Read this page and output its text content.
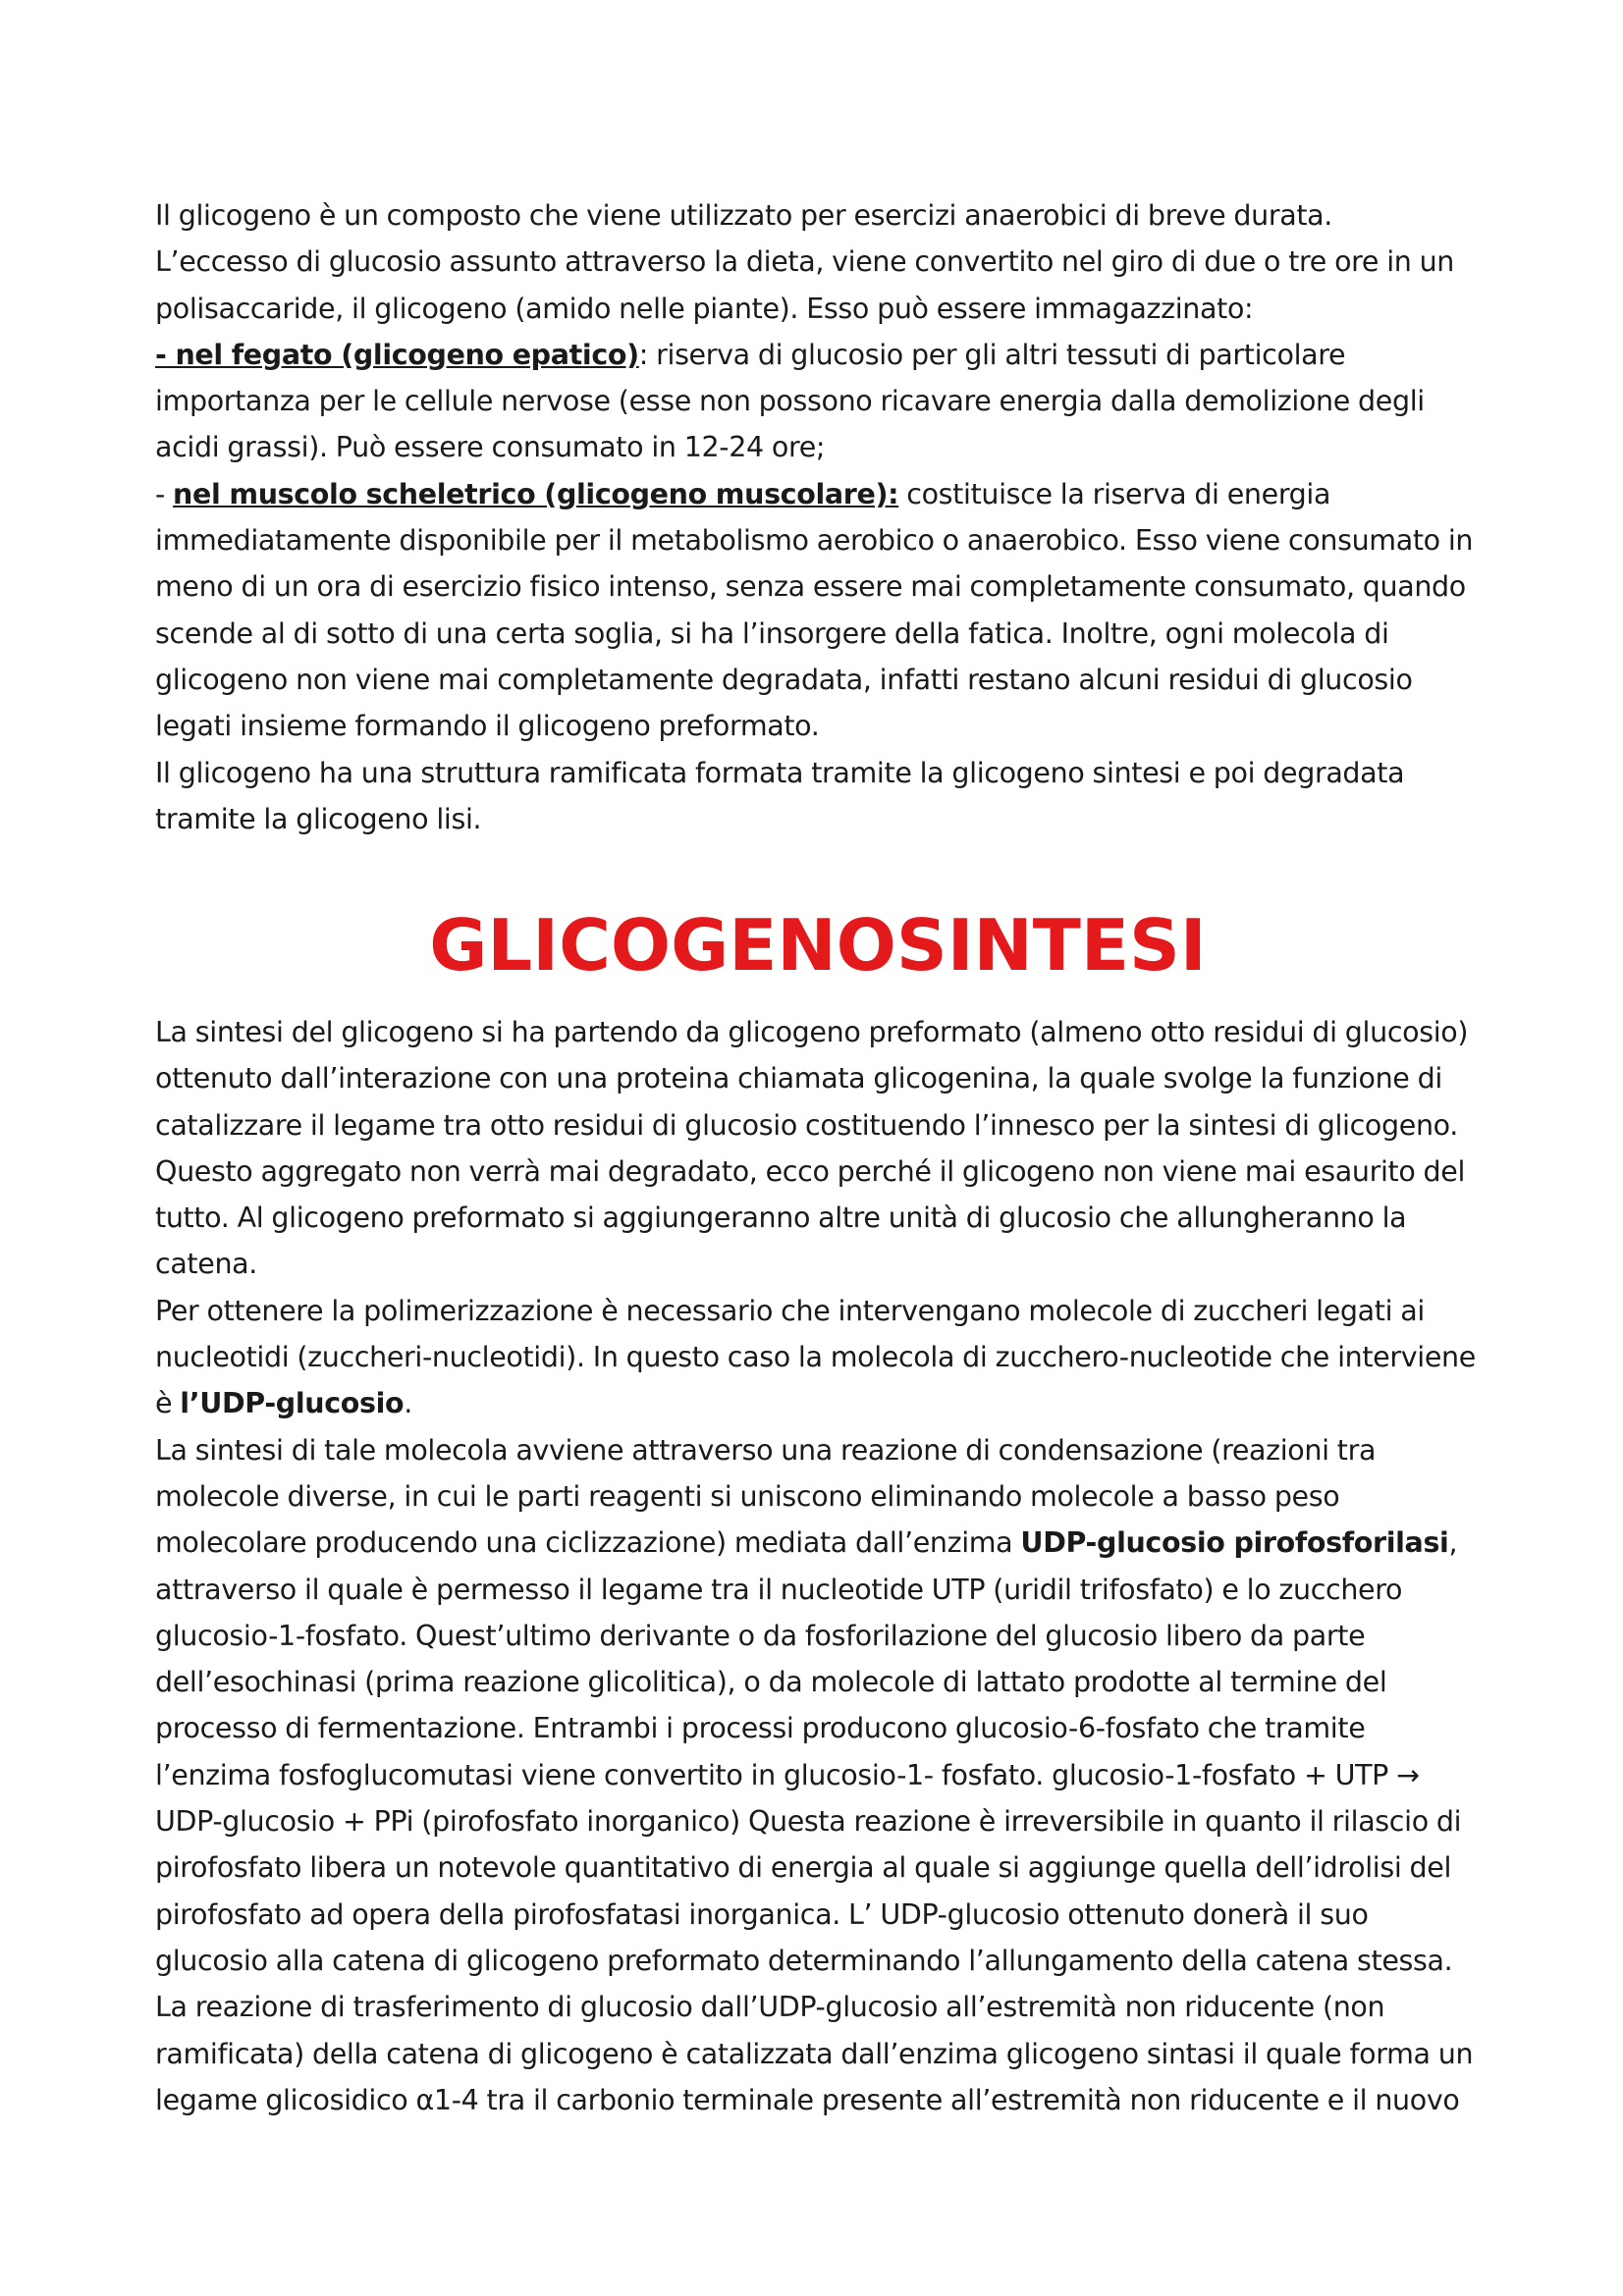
Il glicogeno è un composto che viene utilizzato per esercizi anaerobici di breve durata.
L’eccesso di glucosio assunto attraverso la dieta, viene convertito nel giro di due o tre ore in un polisaccaride, il glicogeno (amido nelle piante). Esso può essere immagazzinato:
- nel fegato (glicogeno epatico): riserva di glucosio per gli altri tessuti di particolare importanza per le cellule nervose (esse non possono ricavare energia dalla demolizione degli acidi grassi). Può essere consumato in 12-24 ore;
- nel muscolo scheletrico (glicogeno muscolare): costituisce la riserva di energia immediatamente disponibile per il metabolismo aerobico o anaerobico. Esso viene consumato in meno di un ora di esercizio fisico intenso, senza essere mai completamente consumato, quando scende al di sotto di una certa soglia, si ha l’insorgere della fatica. Inoltre, ogni molecola di glicogeno non viene mai completamente degradata, infatti restano alcuni residui di glucosio legati insieme formando il glicogeno preformato.
Il glicogeno ha una struttura ramificata formata tramite la glicogeno sintesi e poi degradata tramite la glicogeno lisi.

GLICOGENOSINTESI

La sintesi del glicogeno si ha partendo da glicogeno preformato (almeno otto residui di glucosio) ottenuto dall’interazione con una proteina chiamata glicogenina, la quale svolge la funzione di catalizzare il legame tra otto residui di glucosio costituendo l’innesco per la sintesi di glicogeno. Questo aggregato non verrà mai degradato, ecco perché il glicogeno non viene mai esaurito del tutto. Al glicogeno preformato si aggiungeranno altre unità di glucosio che allungheranno la catena.
Per ottenere la polimerizzazione è necessario che intervengano molecole di zuccheri legati ai nucleotidi (zuccheri-nucleotidi). In questo caso la molecola di zucchero-nucleotide che interviene è l’UDP-glucosio.
La sintesi di tale molecola avviene attraverso una reazione di condensazione (reazioni tra molecole diverse, in cui le parti reagenti si uniscono eliminando molecole a basso peso molecolare producendo una ciclizzazione) mediata dall’enzima UDP-glucosio pirofosforilasi, attraverso il quale è permesso il legame tra il nucleotide UTP (uridil trifosfato) e lo zucchero glucosio-1-fosfato. Quest’ultimo derivante o da fosforilazione del glucosio libero da parte dell’esochinasi (prima reazione glicolitica), o da molecole di lattato prodotte al termine del processo di fermentazione. Entrambi i processi producono glucosio-6-fosfato che tramite l’enzima fosfoglucomutasi viene convertito in glucosio-1- fosfato. glucosio-1-fosfato + UTP → UDP-glucosio + PPi (pirofosfato inorganico) Questa reazione è irreversibile in quanto il rilascio di pirofosfato libera un notevole quantitativo di energia al quale si aggiunge quella dell’idrolisi del pirofosfato ad opera della pirofosfatasi inorganica. L’ UDP-glucosio ottenuto donerà il suo glucosio alla catena di glicogeno preformato determinando l’allungamento della catena stessa. La reazione di trasferimento di glucosio dall’UDP-glucosio all’estremità non riducente (non ramificata) della catena di glicogeno è catalizzata dall’enzima glicogeno sintasi il quale forma un legame glicosidico α1-4 tra il carbonio terminale presente all’estremità non riducente e il nuovo
